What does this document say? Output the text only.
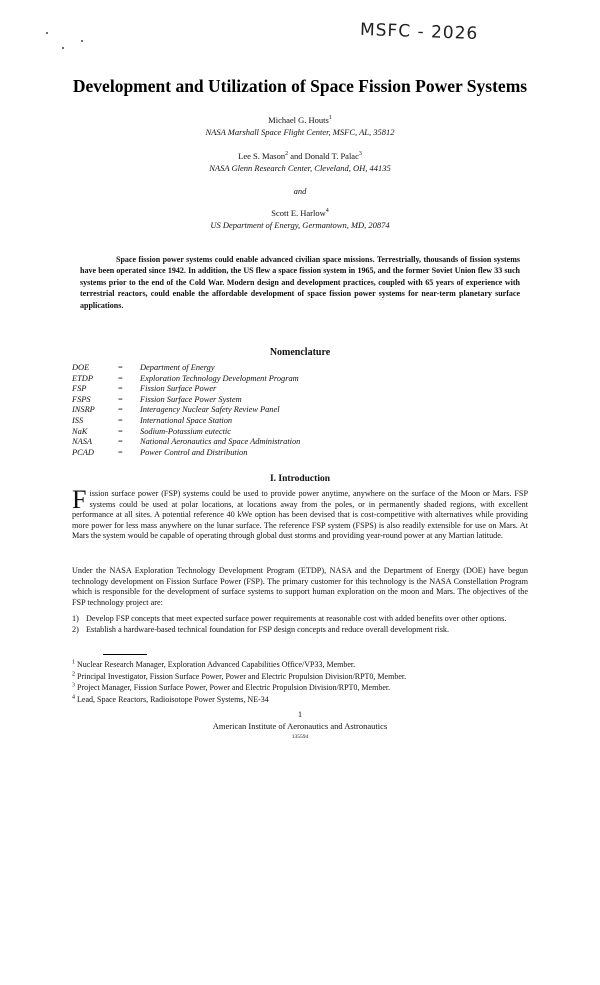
MSFC - 2026
Development and Utilization of Space Fission Power Systems
Michael G. Houts$^1$
NASA Marshall Space Flight Center, MSFC, AL, 35812
Lee S. Mason$^2$ and Donald T. Palac$^3$
NASA Glenn Research Center, Cleveland, OH, 44135
and
Scott E. Harlow$^4$
US Department of Energy, Germantown, MD, 20874
Space fission power systems could enable advanced civilian space missions. Terrestrially, thousands of fission systems have been operated since 1942. In addition, the US flew a space fission system in 1965, and the former Soviet Union flew 33 such systems prior to the end of the Cold War. Modern design and development practices, coupled with 65 years of experience with terrestrial reactors, could enable the affordable development of space fission power systems for near-term planetary surface applications.
Nomenclature
DOE	= Department of Energy
ETDP	= Exploration Technology Development Program
FSP	= Fission Surface Power
FSPS	= Fission Surface Power System
INSRP	= Interagency Nuclear Safety Review Panel
ISS	= International Space Station
NaK	= Sodium-Potassium eutectic
NASA	= National Aeronautics and Space Administration
PCAD	= Power Control and Distribution
I. Introduction
Fission surface power (FSP) systems could be used to provide power anytime, anywhere on the surface of the Moon or Mars. FSP systems could be used at polar locations, at locations away from the poles, or in permanently shaded regions, with excellent performance at all sites. A potential reference 40 kWe option has been devised that is cost-competitive with alternatives while providing more power for less mass anywhere on the lunar surface. The reference FSP system (FSPS) is also readily extensible for use on Mars. At Mars the system would be capable of operating through global dust storms and providing year-round power at any Martian latitude.
Under the NASA Exploration Technology Development Program (ETDP), NASA and the Department of Energy (DOE) have begun technology development on Fission Surface Power (FSP). The primary customer for this technology is the NASA Constellation Program which is responsible for the development of surface systems to support human exploration on the moon and Mars. The objectives of the FSP technology project are:
1) Develop FSP concepts that meet expected surface power requirements at reasonable cost with added benefits over other options.
2) Establish a hardware-based technical foundation for FSP design concepts and reduce overall development risk.
$^1$ Nuclear Research Manager, Exploration Advanced Capabilities Office/VP33, Member.
$^2$ Principal Investigator, Fission Surface Power, Power and Electric Propulsion Division/RPT0, Member.
$^3$ Project Manager, Fission Surface Power, Power and Electric Propulsion Division/RPT0, Member.
$^4$ Lead, Space Reactors, Radioisotope Power Systems, NE-34
1
American Institute of Aeronautics and Astronautics
135594
